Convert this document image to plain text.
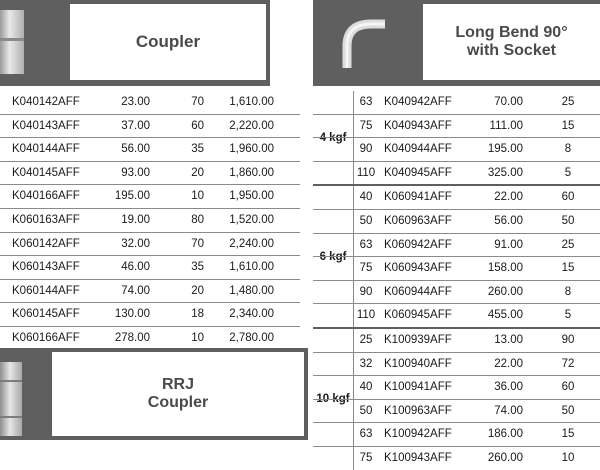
Coupler	Long Bend 90°
with Socket
K040142AFF	23.00	70 1,610.00
K040143AFF	37.00	60 2,220.00
K040144AFF	56.00	35 1,960.00
K040145AFF	93.00	20 1,860.00
K040166AFF	195.00	10 1,950.00
K060163AFF	19.00	80 1,520.00
K060142AFF	32.00	70 2,240.00
K060143AFF	46.00	35 1,610.00
K060144AFF	74.00	20 1,480.00
K060145AFF	130.00	18 2,340.00
K060166AFF	278.00	10 2,780.00
RRJ
Coupler
4 kgf
63	K040942AFF	70.00	25
75	K040943AFF	111.00	15
90	K040944AFF	195.00	8
110 K040945AFF	325.00	5
6 kgf
40	K060941AFF	22.00	60
50	K060963AFF	56.00	50
63	K060942AFF	91.00	25
75	K060943AFF	158.00	15
90	K060944AFF	260.00	8
110 K060945AFF	455.00	5
10 kgf
25	K100939AFF	13.00	90
32	K100940AFF	22.00	72
40	K100941AFF	36.00	60
50	K100963AFF	74.00	50
63	K100942AFF	186.00	15
75	K100943AFF	260.00	10
